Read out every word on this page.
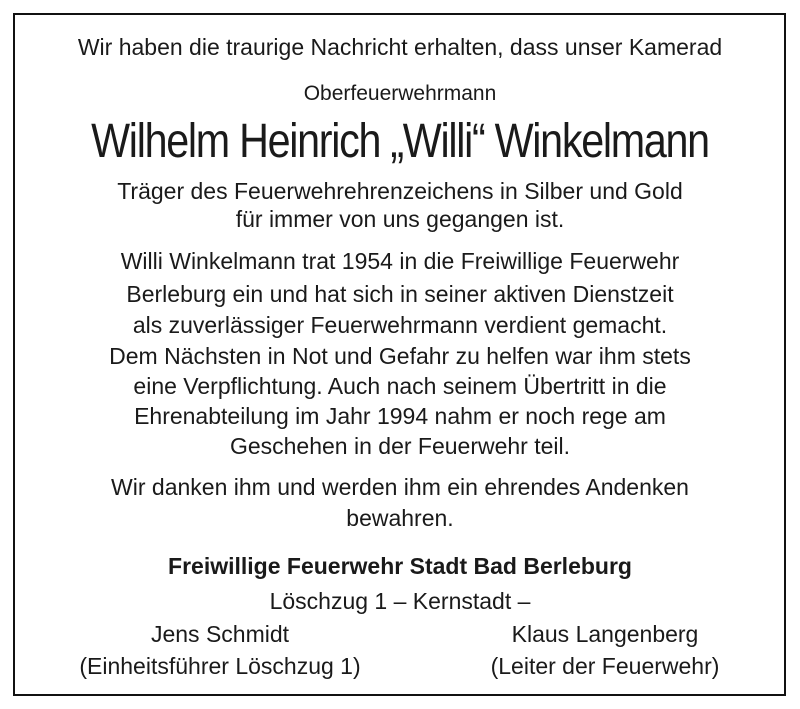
Wir haben die traurige Nachricht erhalten, dass unser Kamerad
Oberfeuerwehrmann
Wilhelm Heinrich „Willi“ Winkelmann
Träger des Feuerwehrehrenzeichens in Silber und Gold
für immer von uns gegangen ist.
Willi Winkelmann trat 1954 in die Freiwillige Feuerwehr
Berleburg ein und hat sich in seiner aktiven Dienstzeit
als zuverlässiger Feuerwehrmann verdient gemacht.
Dem Nächsten in Not und Gefahr zu helfen war ihm stets
eine Verpflichtung. Auch nach seinem Übertritt in die
Ehrenabteilung im Jahr 1994 nahm er noch rege am
Geschehen in der Feuerwehr teil.
Wir danken ihm und werden ihm ein ehrendes Andenken
bewahren.
Freiwillige Feuerwehr Stadt Bad Berleburg
Löschzug 1 – Kernstadt –
Jens Schmidt
(Einheitsführer Löschzug 1)
Klaus Langenberg
(Leiter der Feuerwehr)
